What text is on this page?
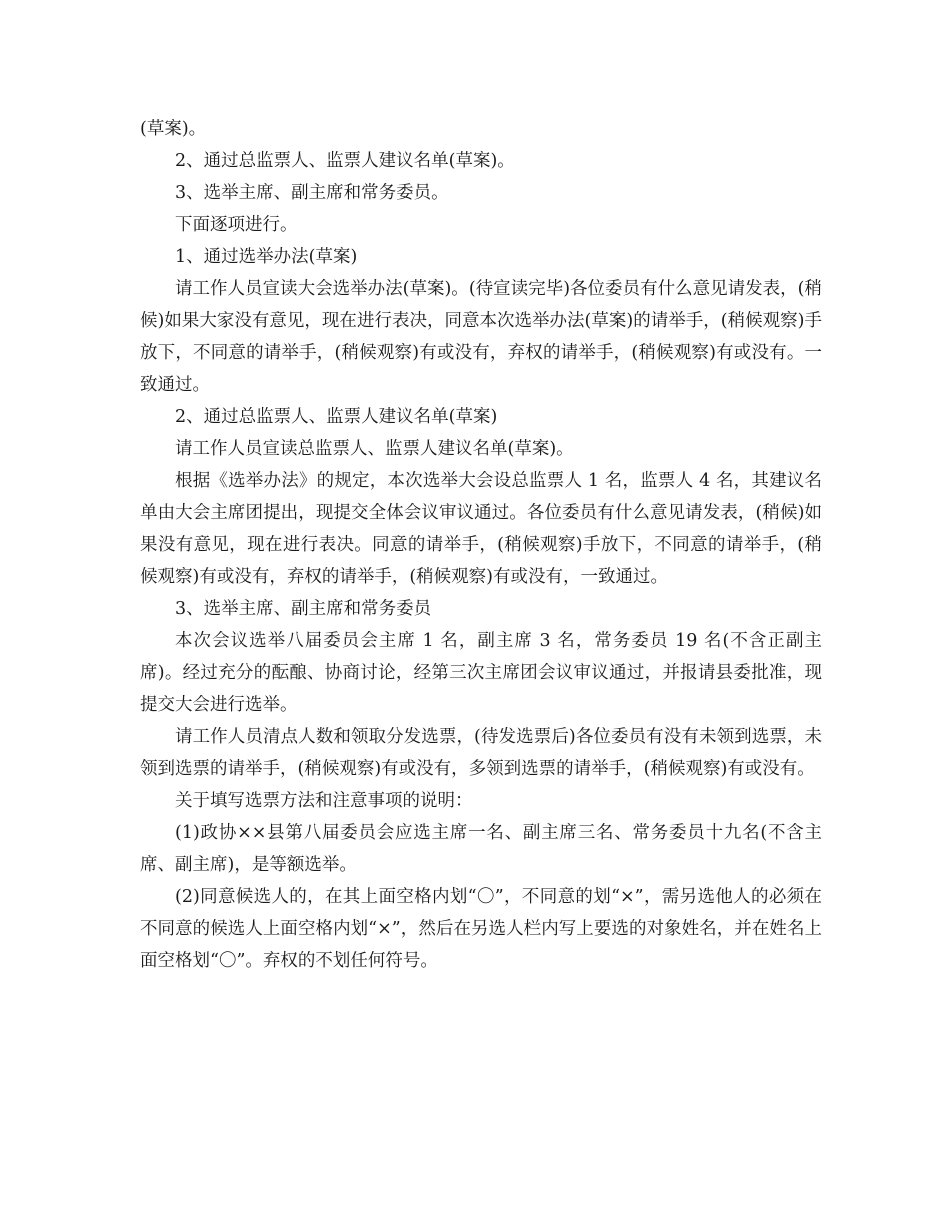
(草案)。

2、通过总监票人、监票人建议名单(草案)。

3、选举主席、副主席和常务委员。

下面逐项进行。

1、通过选举办法(草案)

请工作人员宣读大会选举办法(草案)。(待宣读完毕)各位委员有什么意见请发表，(稍候)如果大家没有意见，现在进行表决，同意本次选举办法(草案)的请举手，(稍候观察)手放下，不同意的请举手，(稍候观察)有或没有，弃权的请举手，(稍候观察)有或没有。一致通过。

2、通过总监票人、监票人建议名单(草案)

请工作人员宣读总监票人、监票人建议名单(草案)。

根据《选举办法》的规定，本次选举大会设总监票人 1 名，监票人 4 名，其建议名单由大会主席团提出，现提交全体会议审议通过。各位委员有什么意见请发表，(稍候)如果没有意见，现在进行表决。同意的请举手，(稍候观察)手放下，不同意的请举手，(稍候观察)有或没有，弃权的请举手，(稍候观察)有或没有，一致通过。

3、选举主席、副主席和常务委员

本次会议选举八届委员会主席 1 名，副主席 3 名，常务委员 19 名(不含正副主席)。经过充分的酝酿、协商讨论，经第三次主席团会议审议通过，并报请县委批准，现提交大会进行选举。

请工作人员清点人数和领取分发选票，(待发选票后)各位委员有没有未领到选票，未领到选票的请举手，(稍候观察)有或没有，多领到选票的请举手，(稍候观察)有或没有。

关于填写选票方法和注意事项的说明：

(1)政协××县第八届委员会应选主席一名、副主席三名、常务委员十九名(不含主席、副主席)，是等额选举。

(2)同意候选人的，在其上面空格内划“〇”，不同意的划“×”，需另选他人的必须在不同意的候选人上面空格内划“×”，然后在另选人栏内写上要选的对象姓名，并在姓名上面空格划“〇”。弃权的不划任何符号。
